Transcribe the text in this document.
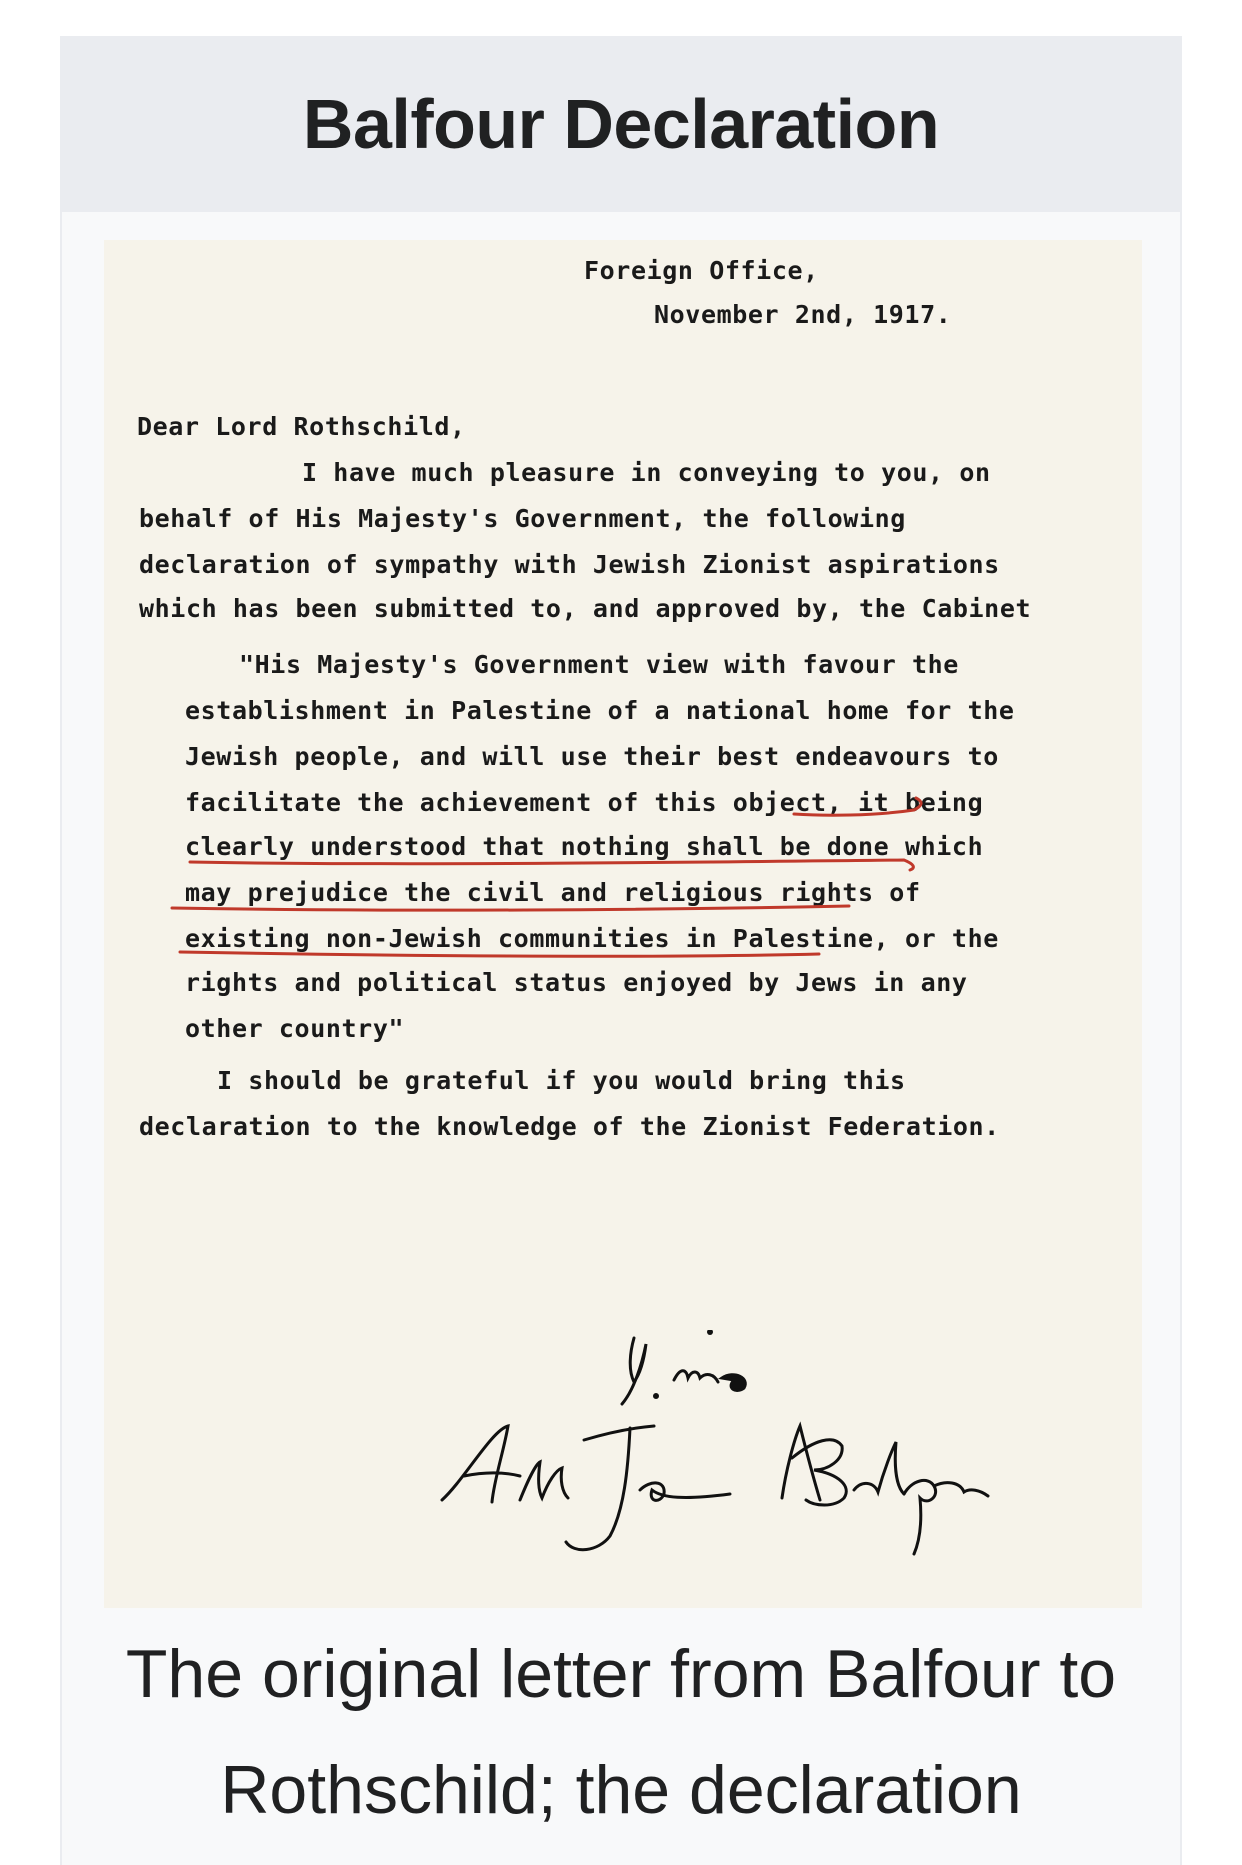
Balfour Declaration
Foreign Office,
November 2nd, 1917.
Dear Lord Rothschild,
I have much pleasure in conveying to you, on
behalf of His Majesty's Government, the following
declaration of sympathy with Jewish Zionist aspirations
which has been submitted to, and approved by, the Cabinet
"His Majesty's Government view with favour the
establishment in Palestine of a national home for the
Jewish people, and will use their best endeavours to
facilitate the achievement of this object, it being
clearly understood that nothing shall be done which
may prejudice the civil and religious rights of
existing non-Jewish communities in Palestine, or the
rights and political status enjoyed by Jews in any
other country"
I should be grateful if you would bring this
declaration to the knowledge of the Zionist Federation.
The original letter from Balfour to Rothschild; the declaration
